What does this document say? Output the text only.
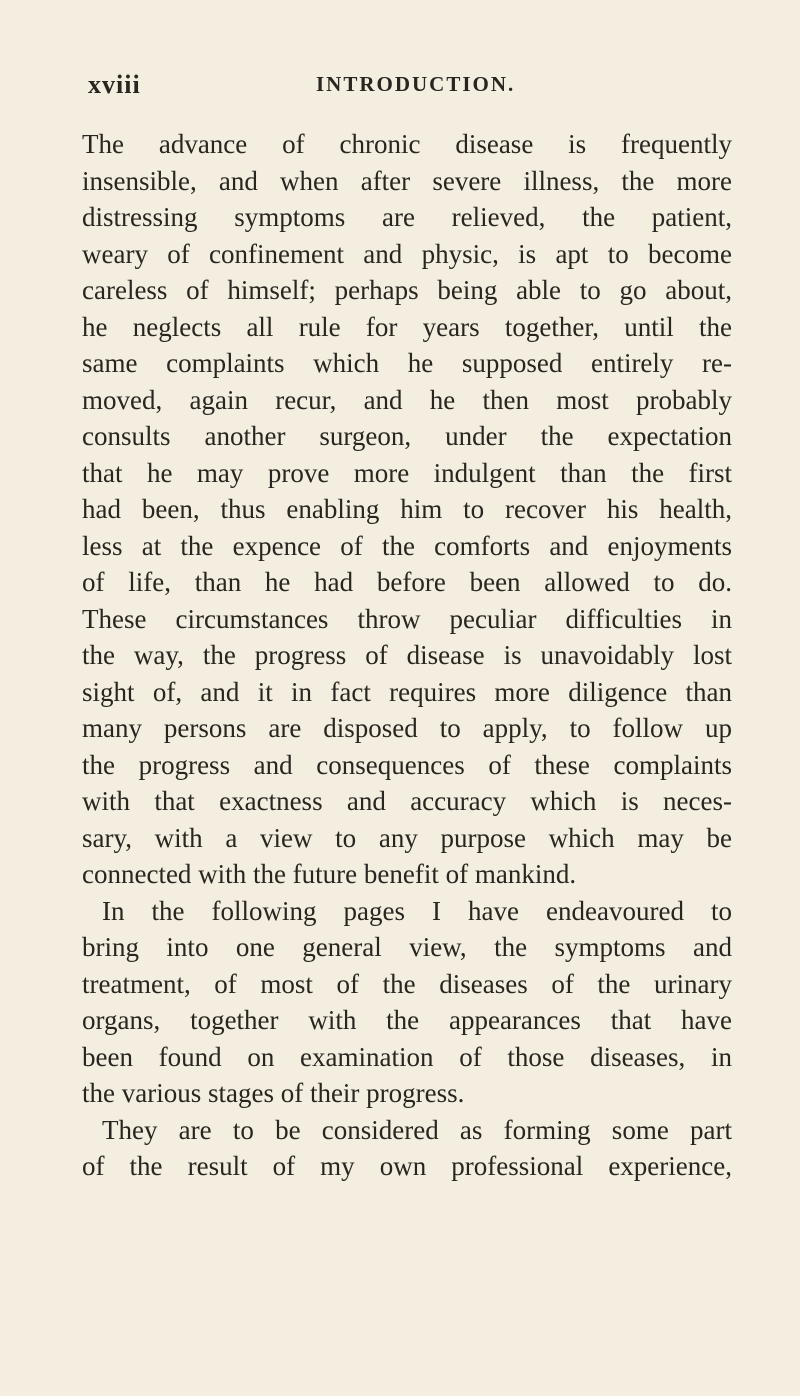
xviii	INTRODUCTION.
The advance of chronic disease is frequently
insensible, and when after severe illness, the more
distressing symptoms are relieved, the patient,
weary of confinement and physic, is apt to become
careless of himself; perhaps being able to go about,
he neglects all rule for years together, until the
same complaints which he supposed entirely re-
moved, again recur, and he then most probably
consults another surgeon, under the expectation
that he may prove more indulgent than the first
had been, thus enabling him to recover his health,
less at the expence of the comforts and enjoyments
of life, than he had before been allowed to do.
These circumstances throw peculiar difficulties in
the way, the progress of disease is unavoidably lost
sight of, and it in fact requires more diligence than
many persons are disposed to apply, to follow up
the progress and consequences of these complaints
with that exactness and accuracy which is neces-
sary, with a view to any purpose which may be
connected with the future benefit of mankind.
In the following pages I have endeavoured to
bring into one general view, the symptoms and
treatment, of most of the diseases of the urinary
organs, together with the appearances that have
been found on examination of those diseases, in
the various stages of their progress.
They are to be considered as forming some part
of the result of my own professional experience,
